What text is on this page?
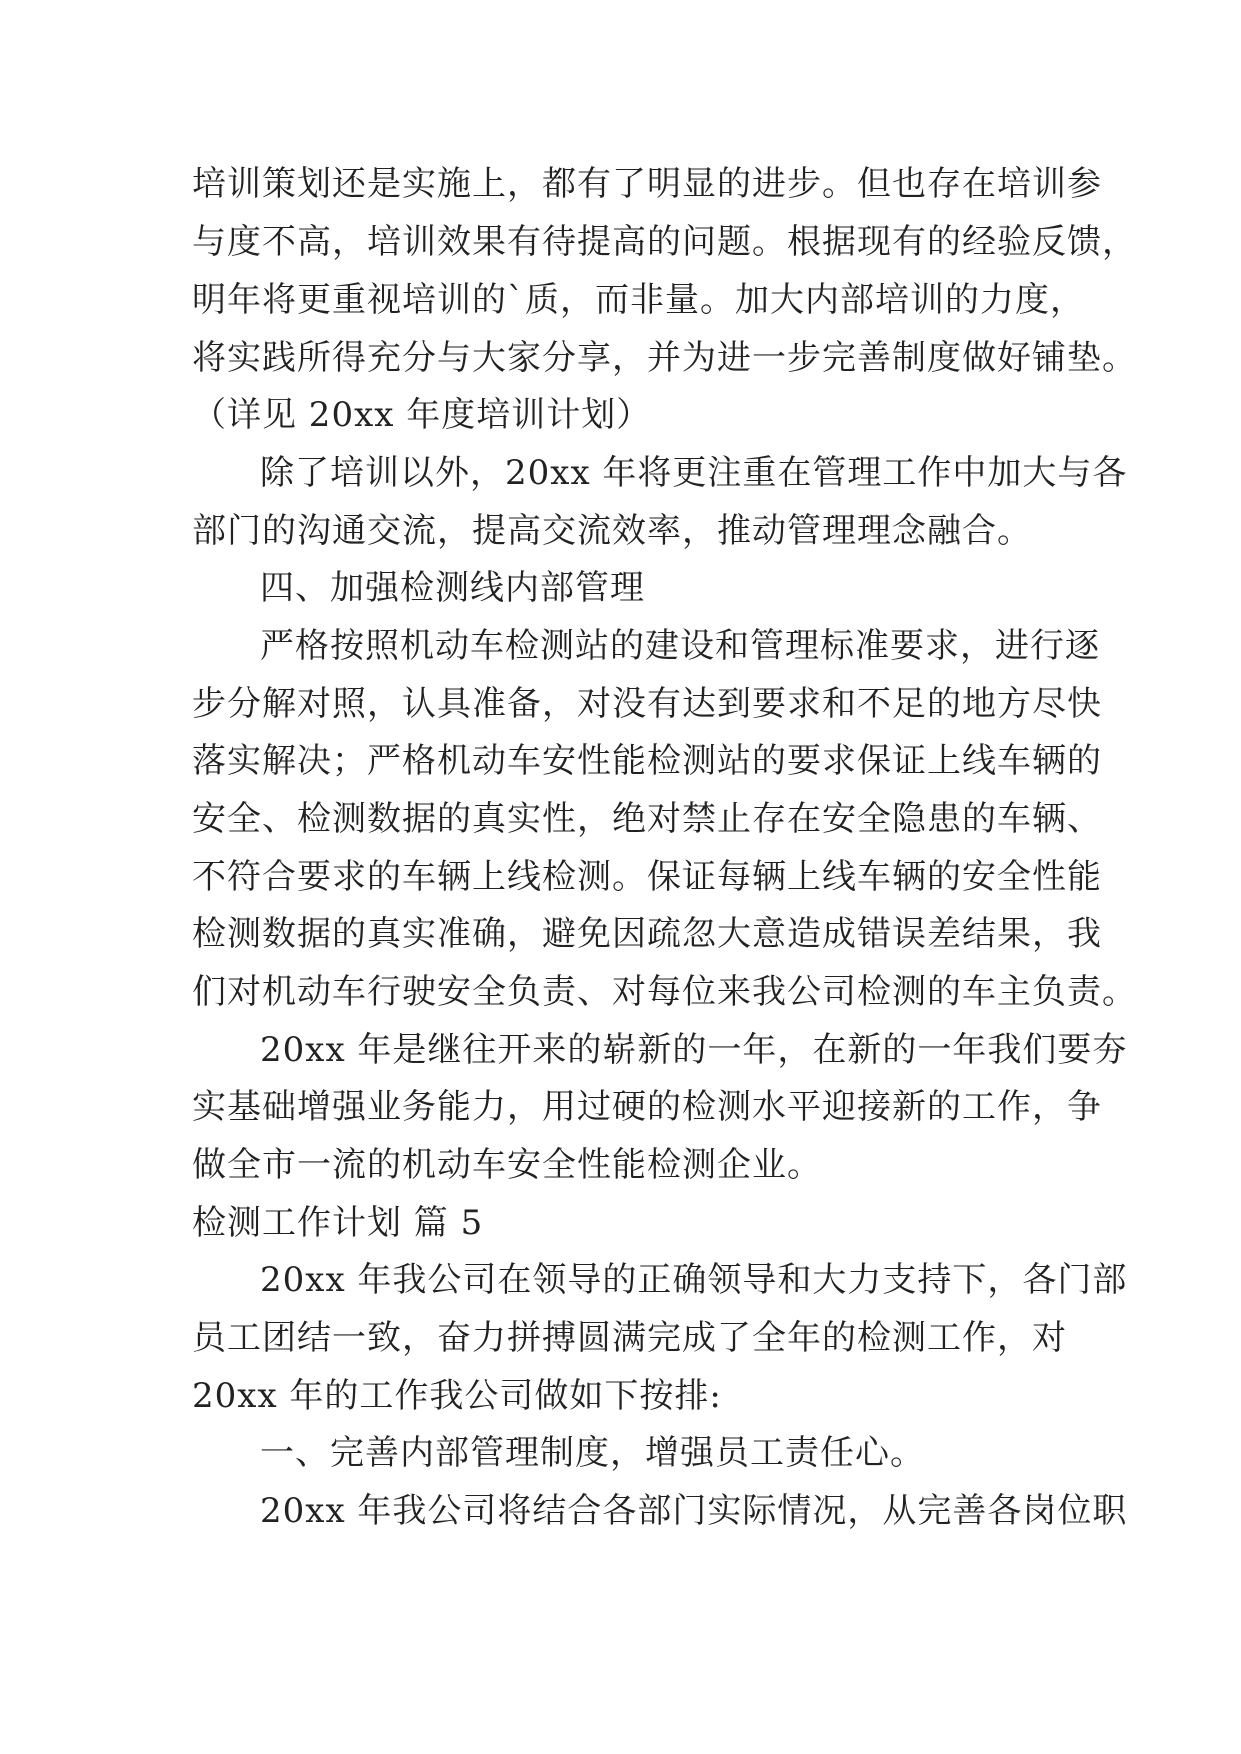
培训策划还是实施上，都有了明显的进步。但也存在培训参
与度不高，培训效果有待提高的问题。根据现有的经验反馈，
明年将更重视培训的`质，而非量。加大内部培训的力度，
将实践所得充分与大家分享，并为进一步完善制度做好铺垫。
（详见 20xx 年度培训计划）
除了培训以外，20xx 年将更注重在管理工作中加大与各
部门的沟通交流，提高交流效率，推动管理理念融合。
四、加强检测线内部管理
严格按照机动车检测站的建设和管理标准要求，进行逐
步分解对照，认具准备，对没有达到要求和不足的地方尽快
落实解决；严格机动车安性能检测站的要求保证上线车辆的
安全、检测数据的真实性，绝对禁止存在安全隐患的车辆、
不符合要求的车辆上线检测。保证每辆上线车辆的安全性能
检测数据的真实准确，避免因疏忽大意造成错误差结果，我
们对机动车行驶安全负责、对每位来我公司检测的车主负责。
20xx 年是继往开来的崭新的一年，在新的一年我们要夯
实基础增强业务能力，用过硬的检测水平迎接新的工作，争
做全市一流的机动车安全性能检测企业。
检测工作计划 篇 5
20xx 年我公司在领导的正确领导和大力支持下，各门部
员工团结一致，奋力拼搏圆满完成了全年的检测工作，对
20xx 年的工作我公司做如下按排:
一、完善内部管理制度，增强员工责任心。
20xx 年我公司将结合各部门实际情况，从完善各岗位职
